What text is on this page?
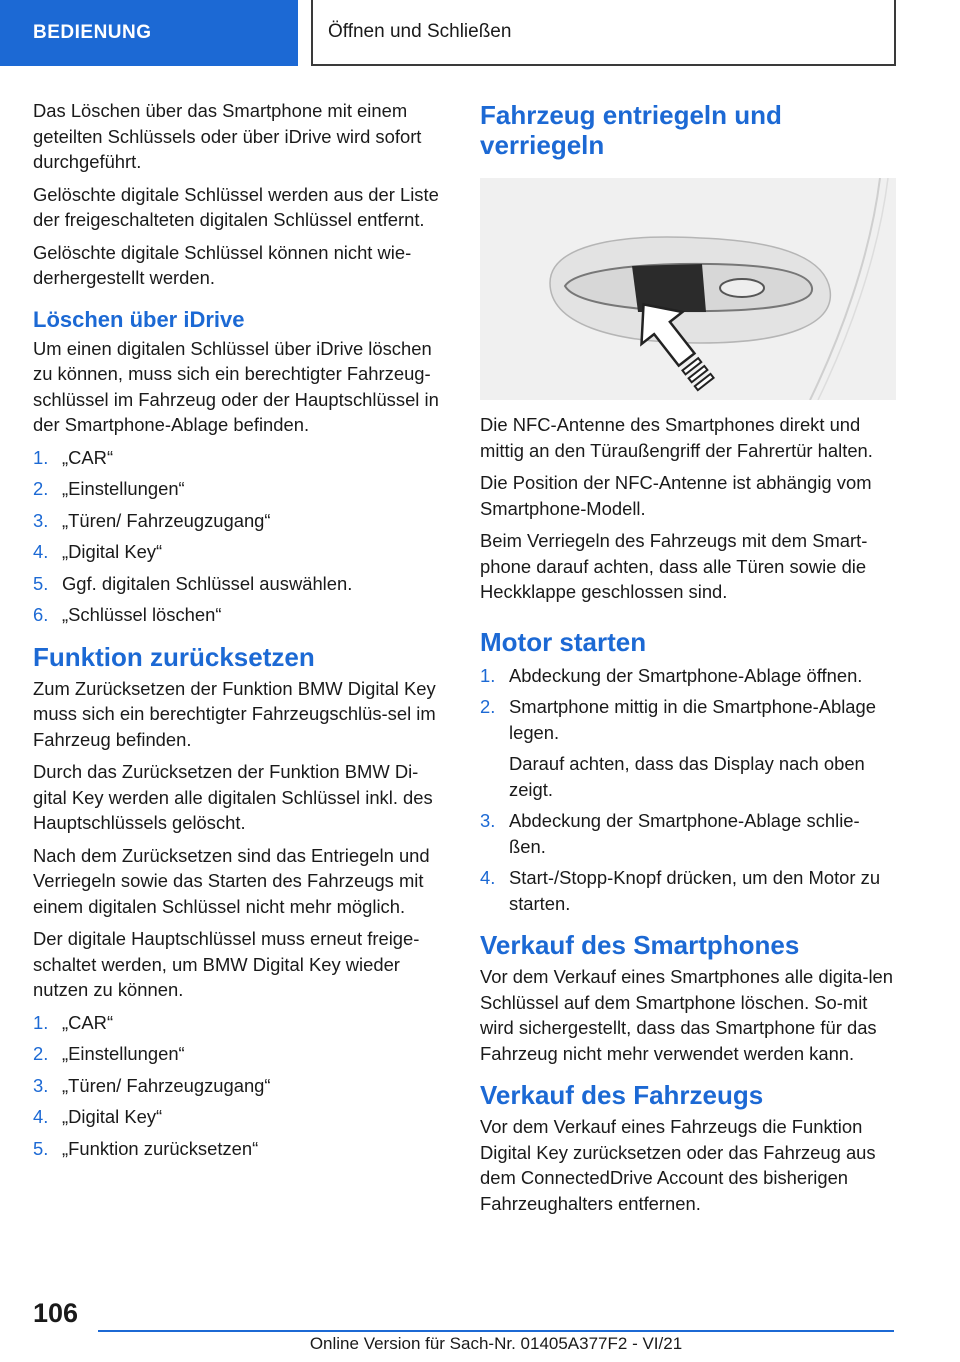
BEDIENUNG	Öffnen und Schließen

Das Löschen über das Smartphone mit einem geteilten Schlüssels oder über iDrive wird sofort durchgeführt.

Gelöschte digitale Schlüssel werden aus der Liste der freigeschalteten digitalen Schlüssel entfernt.

Gelöschte digitale Schlüssel können nicht wie-derhergestellt werden.

Löschen über iDrive

Um einen digitalen Schlüssel über iDrive löschen zu können, muss sich ein berechtigter Fahrzeug-schlüssel im Fahrzeug oder der Hauptschlüssel in der Smartphone-Ablage befinden.

1. „CAR“
2. „Einstellungen“
3. „Türen/ Fahrzeugzugang“
4. „Digital Key“
5. Ggf. digitalen Schlüssel auswählen.
6. „Schlüssel löschen“
Funktion zurücksetzen

Zum Zurücksetzen der Funktion BMW Digital Key muss sich ein berechtigter Fahrzeugschlüs-sel im Fahrzeug befinden.

Durch das Zurücksetzen der Funktion BMW Di-gital Key werden alle digitalen Schlüssel inkl. des Hauptschlüssels gelöscht.

Nach dem Zurücksetzen sind das Entriegeln und Verriegeln sowie das Starten des Fahrzeugs mit einem digitalen Schlüssel nicht mehr möglich.

Der digitale Hauptschlüssel muss erneut freige-schaltet werden, um BMW Digital Key wieder nutzen zu können.

1. „CAR“
2. „Einstellungen“
3. „Türen/ Fahrzeugzugang“
4. „Digital Key“
5. „Funktion zurücksetzen“
Fahrzeug entriegeln und verriegeln

Die NFC-Antenne des Smartphones direkt und mittig an den Türaußengriff der Fahrertür halten.

Die Position der NFC-Antenne ist abhängig vom Smartphone-Modell.

Beim Verriegeln des Fahrzeugs mit dem Smart-phone darauf achten, dass alle Türen sowie die Heckklappe geschlossen sind.

Motor starten
1. Abdeckung der Smartphone-Ablage öffnen.
2. Smartphone mittig in die Smartphone-Ablage legen.

Darauf achten, dass das Display nach oben zeigt.

3. Abdeckung der Smartphone-Ablage schlie-ßen.
4. Start-/Stopp-Knopf drücken, um den Motor zu starten.
Verkauf des Smartphones

Vor dem Verkauf eines Smartphones alle digita-len Schlüssel auf dem Smartphone löschen. So-mit wird sichergestellt, dass das Smartphone für das Fahrzeug nicht mehr verwendet werden kann.

Verkauf des Fahrzeugs

Vor dem Verkauf eines Fahrzeugs die Funktion Digital Key zurücksetzen oder das Fahrzeug aus dem ConnectedDrive Account des bisherigen Fahrzeughalters entfernen.

106
Online Version für Sach-Nr. 01405A377F2 - VI/21
